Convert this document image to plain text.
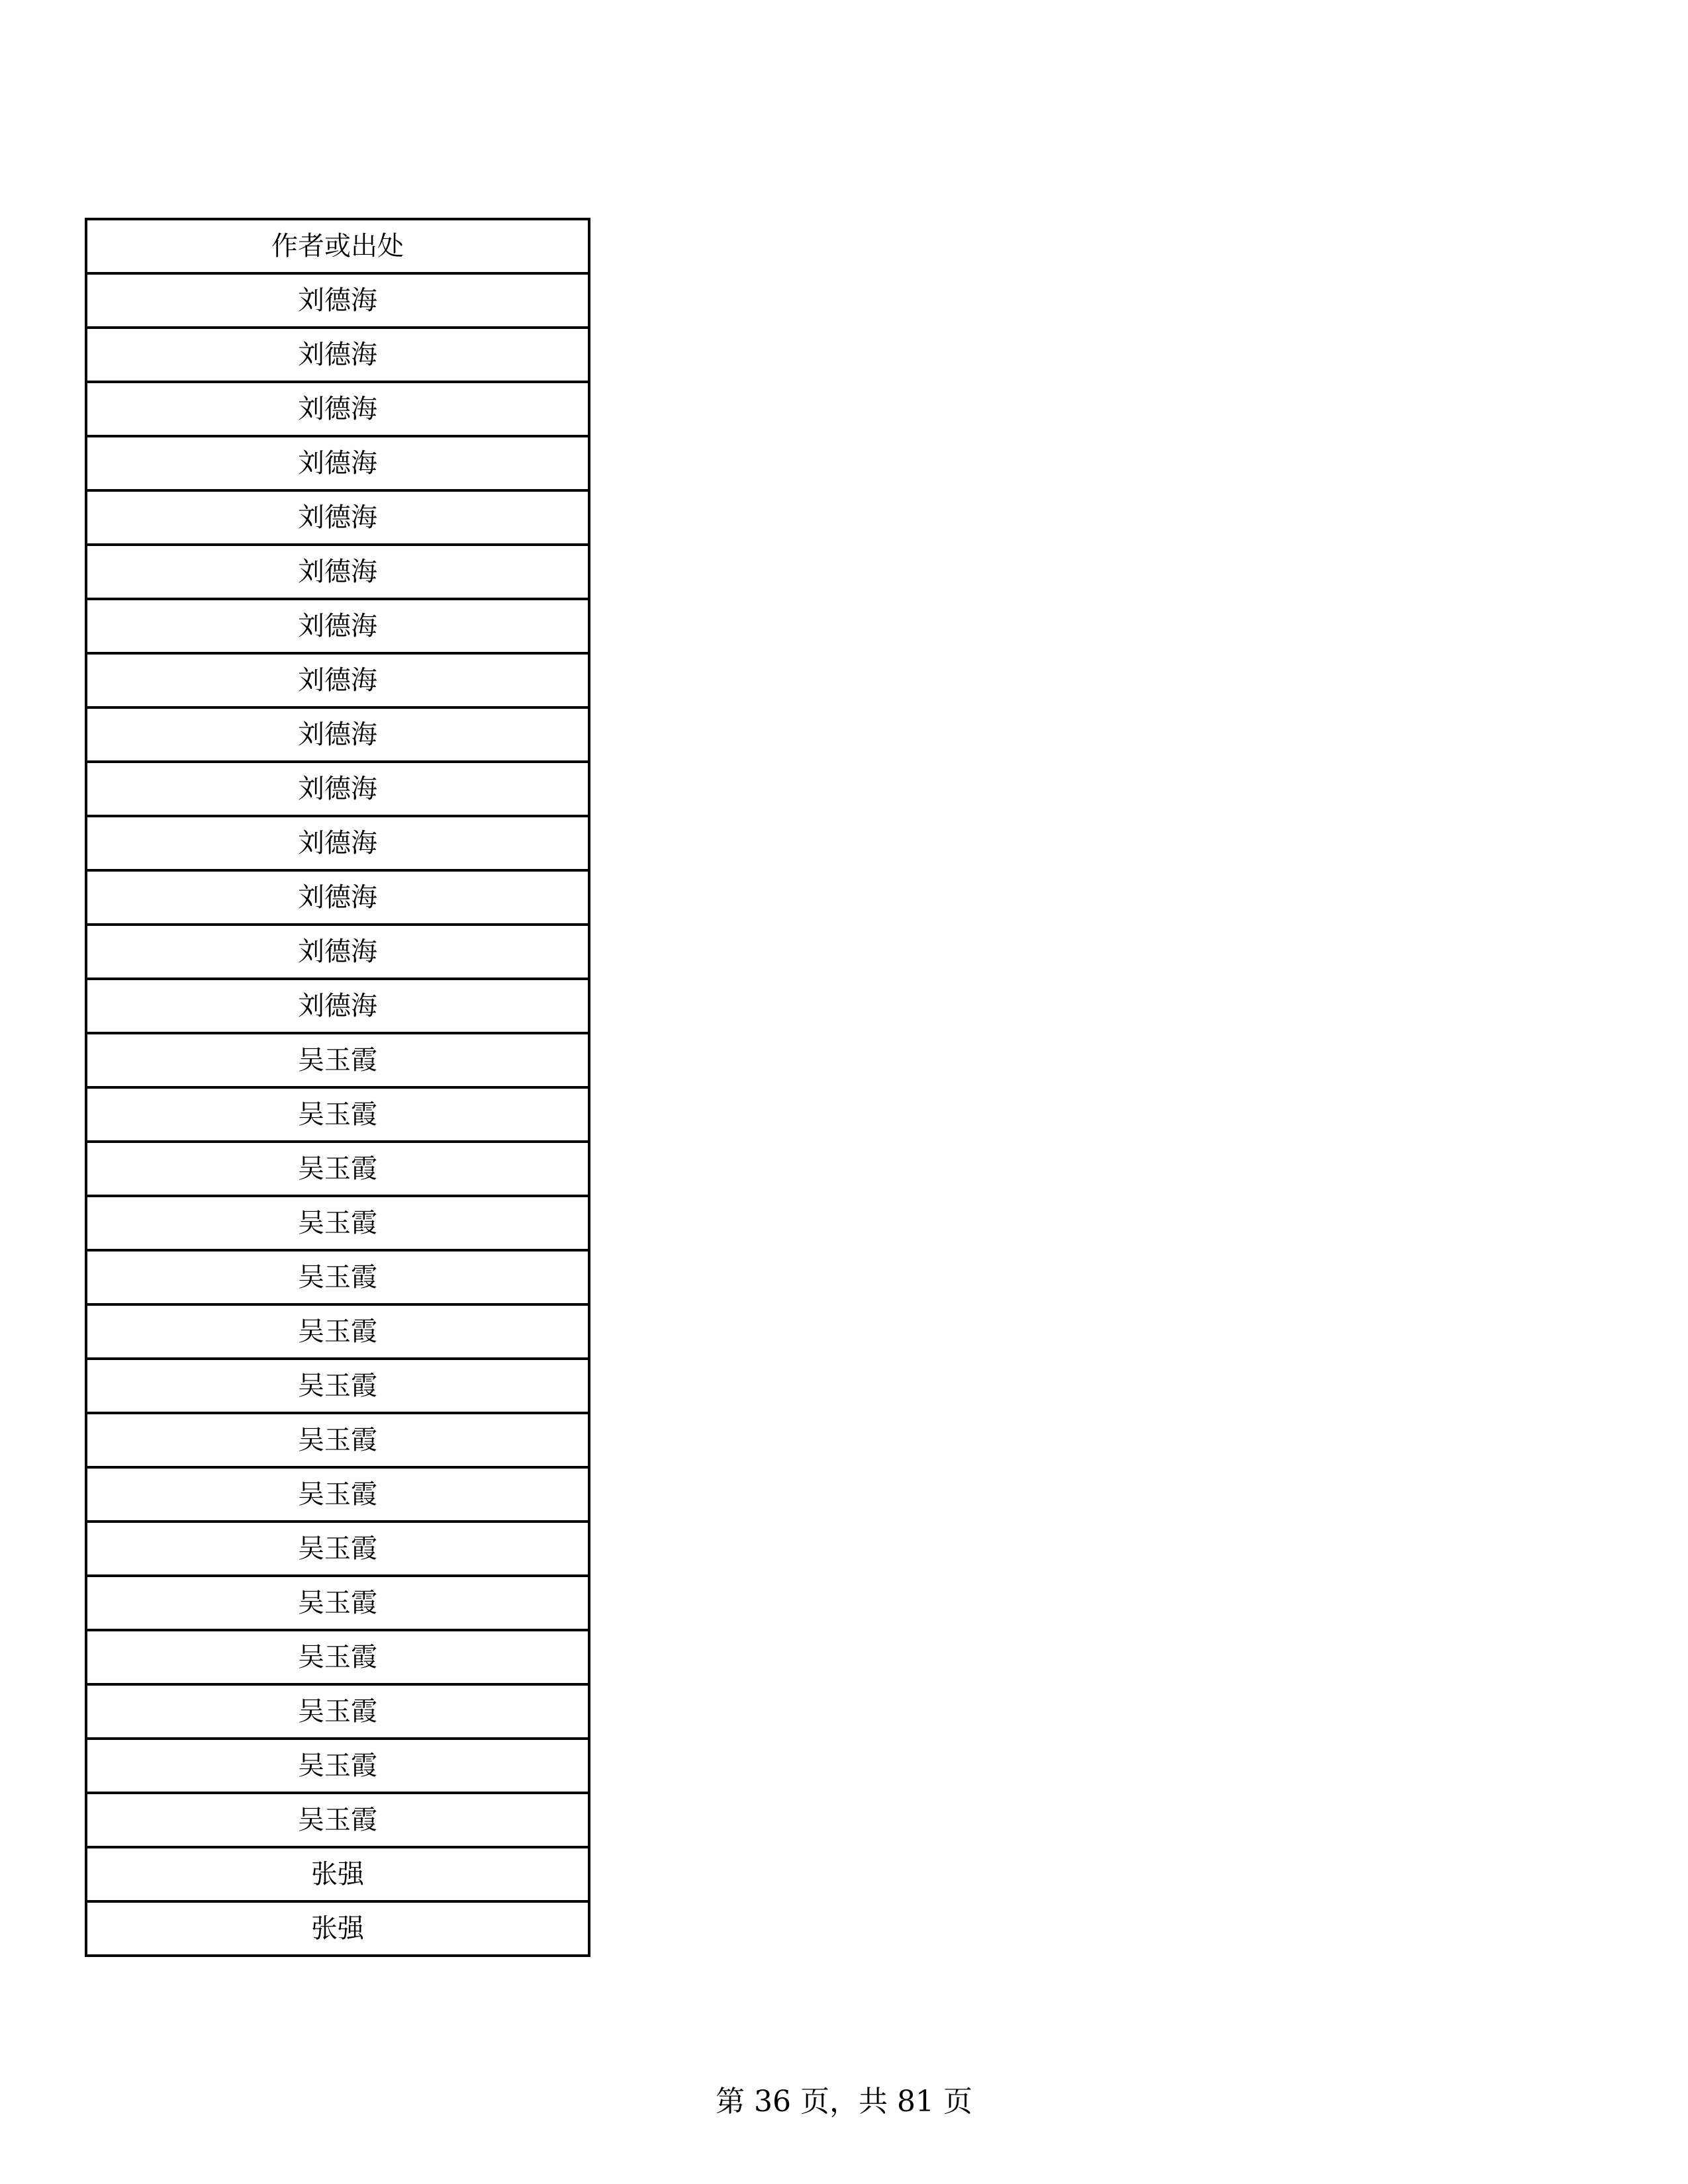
作者或出处
刘德海
刘德海
刘德海
刘德海
刘德海
刘德海
刘德海
刘德海
刘德海
刘德海
刘德海
刘德海
刘德海
刘德海
吴玉霞
吴玉霞
吴玉霞
吴玉霞
吴玉霞
吴玉霞
吴玉霞
吴玉霞
吴玉霞
吴玉霞
吴玉霞
吴玉霞
吴玉霞
吴玉霞
吴玉霞
张强
张强
第 36 页，共 81 页
